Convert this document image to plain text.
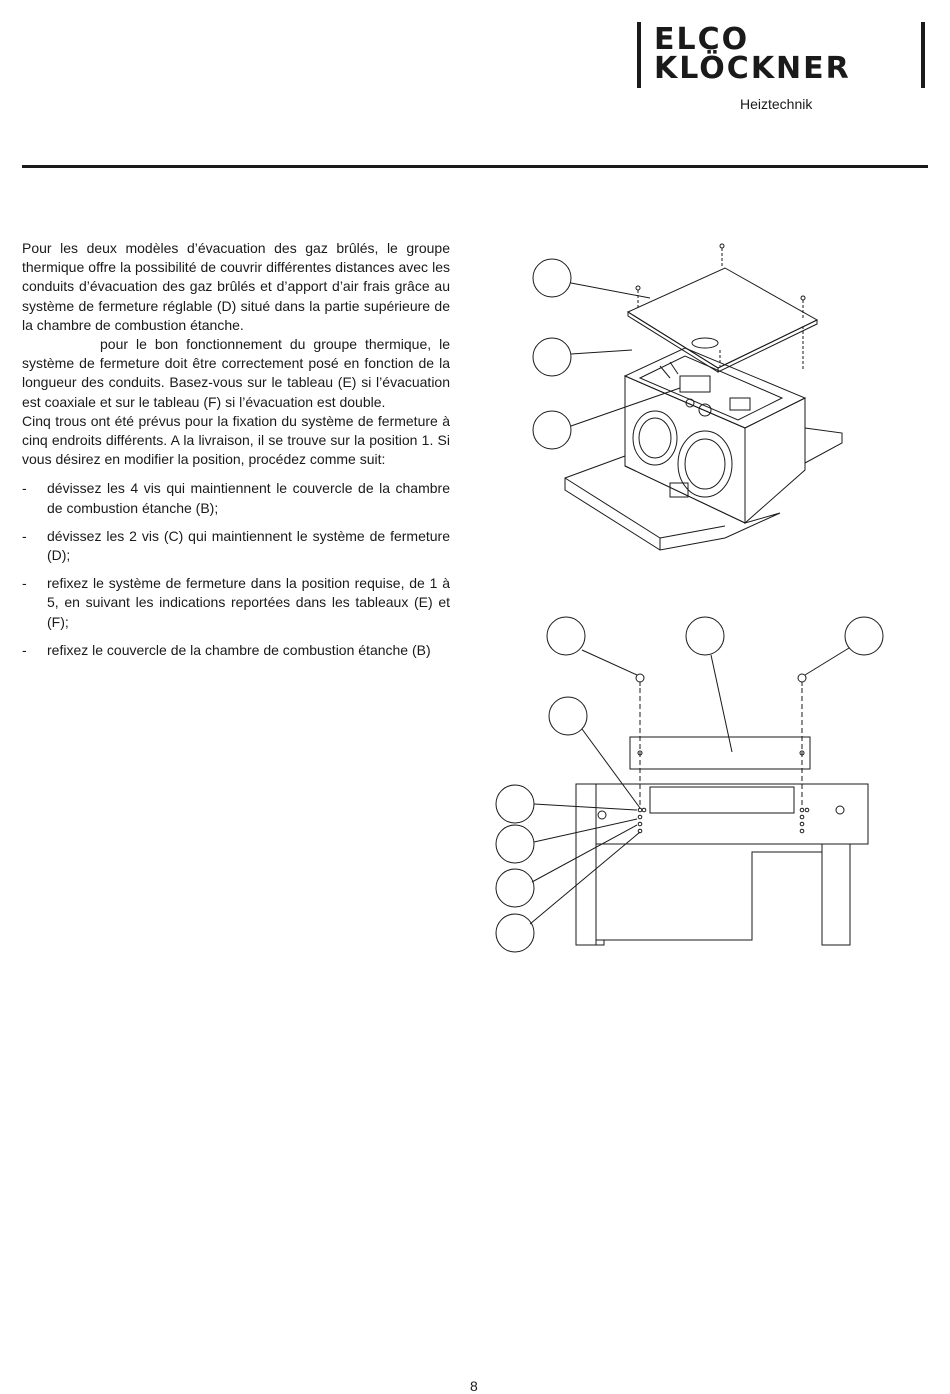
ELCO
KLÖCKNER
Heiztechnik

Pour les deux modèles d’évacuation des gaz brûlés, le groupe thermique offre la possibilité de couvrir différentes distances avec les conduits d’évacuation des gaz brûlés et d’apport d’air frais grâce au système de fermeture réglable (D) situé dans la partie supérieure de la chambre de combustion étanche.

pour le bon fonctionnement du groupe thermique, le système de fermeture doit être correctement posé en fonction de la longueur des conduits. Basez-vous sur le tableau (E) si l’évacuation est coaxiale et sur le tableau (F) si l’évacuation est double.

Cinq trous ont été prévus pour la fixation du système de fermeture à cinq endroits différents. A la livraison, il se trouve sur la position 1. Si vous désirez en modifier la position, procédez comme suit:

- dévissez les 4 vis qui maintiennent le couvercle de la chambre de combustion étanche (B);
- dévissez les 2 vis (C) qui maintiennent le système de fermeture (D);
- refixez le système de fermeture dans la position requise, de 1 à 5, en suivant les indications reportées dans les tableaux (E) et (F);
- refixez le couvercle de la chambre de combustion étanche (B)
8
